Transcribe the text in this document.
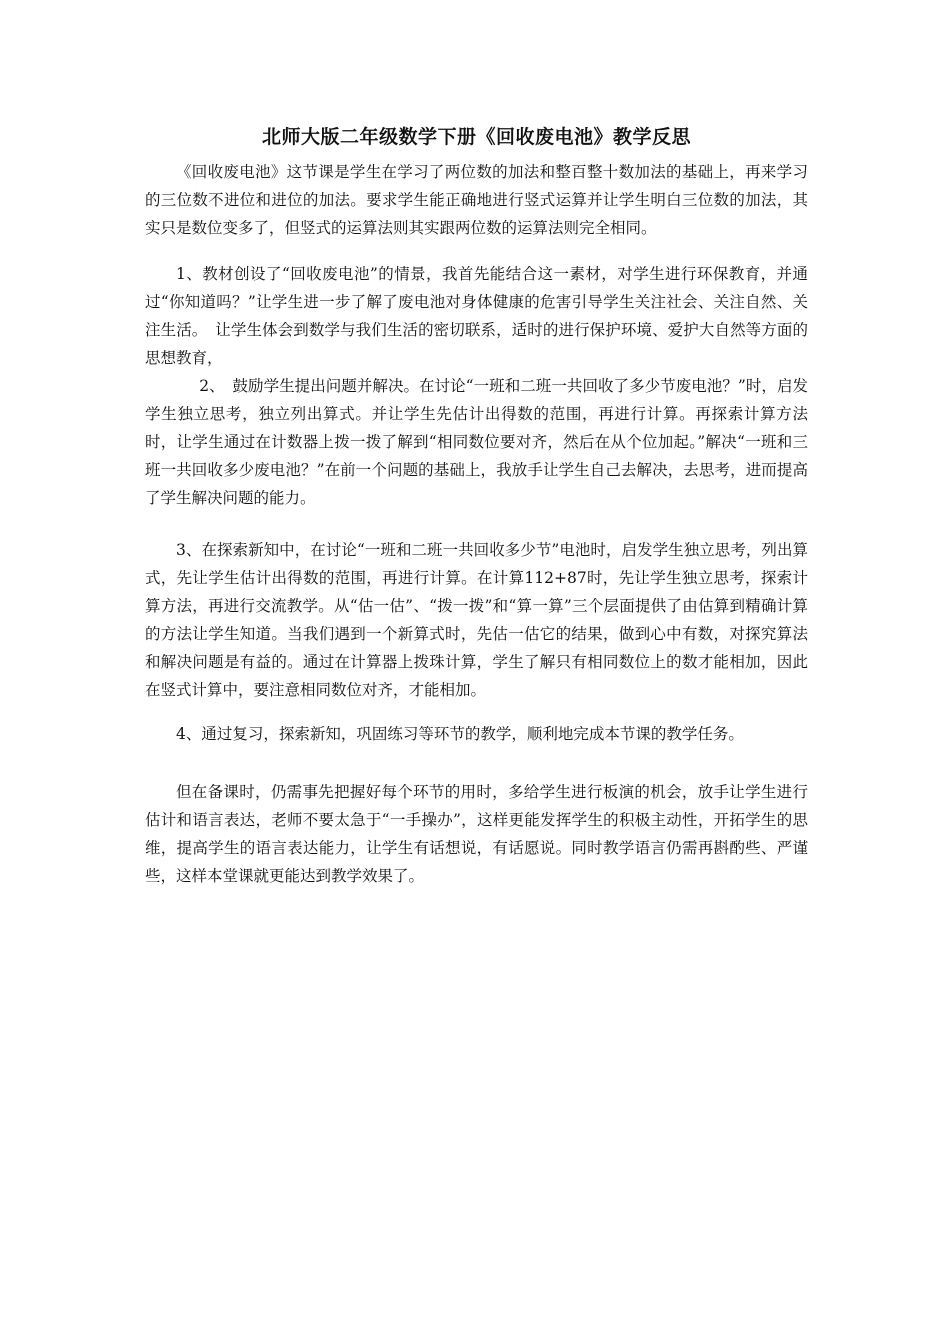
北师大版二年级数学下册《回收废电池》教学反思

《回收废电池》这节课是学生在学习了两位数的加法和整百整十数加法的基础上，再来学习的三位数不进位和进位的加法。要求学生能正确地进行竖式运算并让学生明白三位数的加法，其实只是数位变多了，但竖式的运算法则其实跟两位数的运算法则完全相同。

1、教材创设了“回收废电池”的情景，我首先能结合这一素材，对学生进行环保教育，并通过“你知道吗？”让学生进一步了解了废电池对身体健康的危害引导学生关注社会、关注自然、关注生活。　让学生体会到数学与我们生活的密切联系，适时的进行保护环境、爱护大自然等方面的思想教育，

2、　鼓励学生提出问题并解决。在讨论“一班和二班一共回收了多少节废电池？”时，启发学生独立思考，独立列出算式。并让学生先估计出得数的范围，再进行计算。再探索计算方法时，让学生通过在计数器上拨一拨了解到“相同数位要对齐，然后在从个位加起。”解决“一班和三班一共回收多少废电池？”在前一个问题的基础上，我放手让学生自己去解决，去思考，进而提高了学生解决问题的能力。

3、在探索新知中，在讨论“一班和二班一共回收多少节”电池时，启发学生独立思考，列出算式，先让学生估计出得数的范围，再进行计算。在计算112+87时，先让学生独立思考，探索计算方法，再进行交流教学。从“估一估”、“拨一拨”和“算一算”三个层面提供了由估算到精确计算的方法让学生知道。当我们遇到一个新算式时，先估一估它的结果，做到心中有数，对探究算法和解决问题是有益的。通过在计算器上拨珠计算，学生了解只有相同数位上的数才能相加，因此在竖式计算中，要注意相同数位对齐，才能相加。

4、通过复习，探索新知，巩固练习等环节的教学，顺利地完成本节课的教学任务。

但在备课时，仍需事先把握好每个环节的用时，多给学生进行板演的机会，放手让学生进行估计和语言表达，老师不要太急于“一手操办”，这样更能发挥学生的积极主动性，开拓学生的思维，提高学生的语言表达能力，让学生有话想说，有话愿说。同时教学语言仍需再斟酌些、严谨些，这样本堂课就更能达到教学效果了。
